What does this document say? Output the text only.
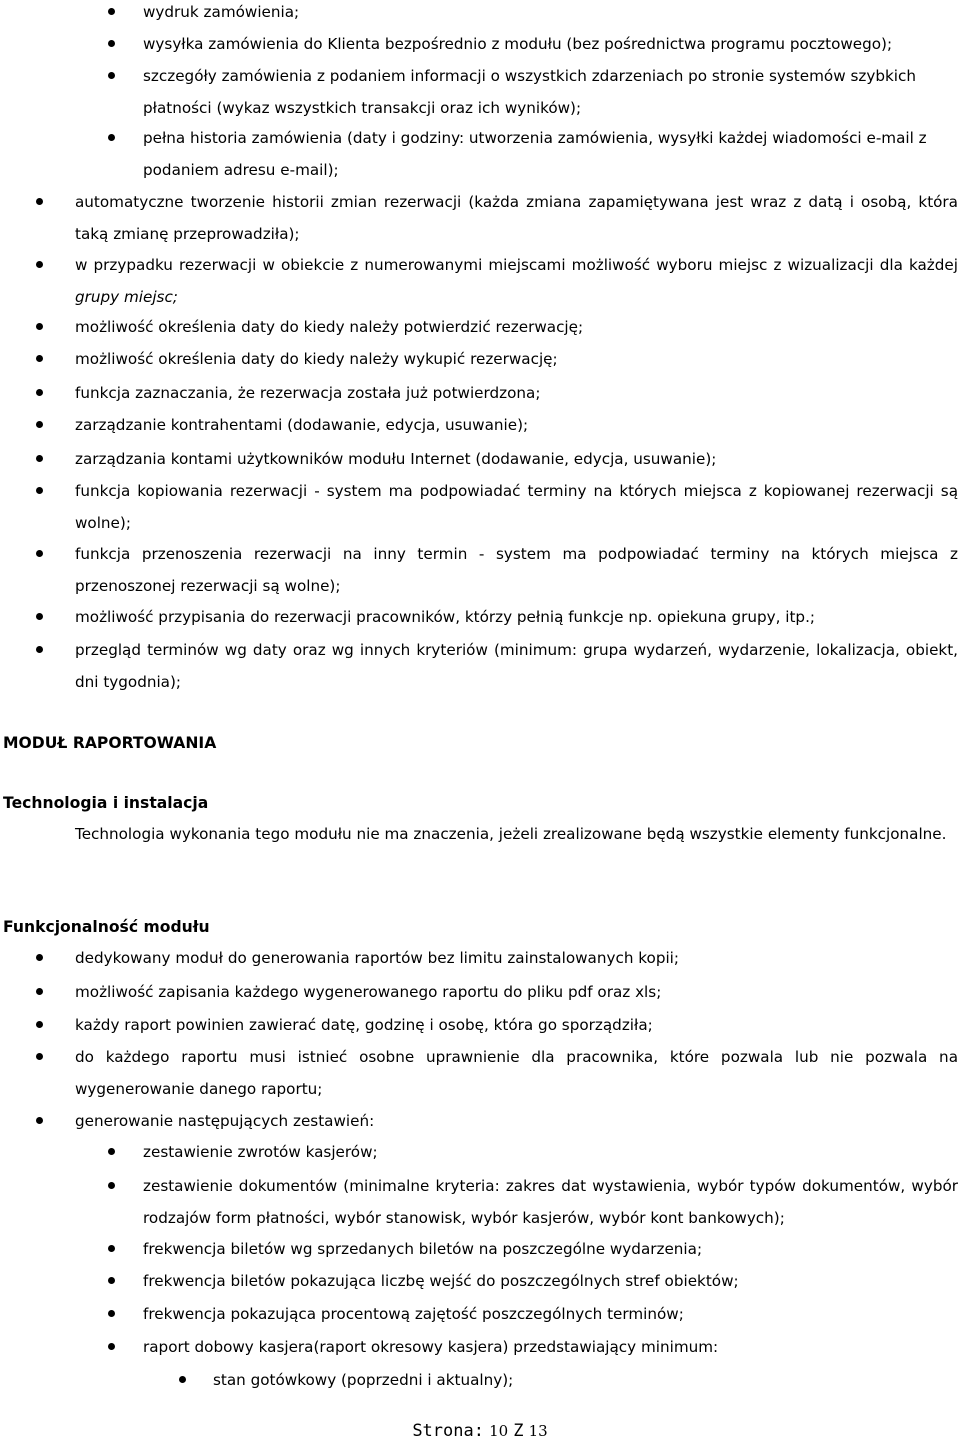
wydruk zamówienia;
wysyłka zamówienia do Klienta bezpośrednio z modułu (bez pośrednictwa programu pocztowego);
szczegóły zamówienia z podaniem informacji o wszystkich zdarzeniach po stronie systemów szybkich płatności (wykaz wszystkich transakcji oraz ich wyników);
pełna historia zamówienia (daty i godziny: utworzenia zamówienia, wysyłki każdej wiadomości e-mail z podaniem adresu e-mail);
automatyczne tworzenie historii zmian rezerwacji (każda zmiana zapamiętywana jest wraz z datą i osobą, która taką zmianę przeprowadziła);
w przypadku rezerwacji w obiekcie z numerowanymi miejscami możliwość wyboru miejsc z wizualizacji dla każdej grupy miejsc;
możliwość określenia daty do kiedy należy potwierdzić rezerwację;
możliwość określenia daty do kiedy należy wykupić rezerwację;
funkcja zaznaczania, że rezerwacja została już potwierdzona;
zarządzanie kontrahentami (dodawanie, edycja, usuwanie);
zarządzania kontami użytkowników modułu Internet (dodawanie, edycja, usuwanie);
funkcja kopiowania rezerwacji - system ma podpowiadać terminy na których miejsca z kopiowanej rezerwacji są wolne);
funkcja przenoszenia rezerwacji na inny termin - system ma podpowiadać terminy na których miejsca z przenoszonej rezerwacji są wolne);
możliwość przypisania do rezerwacji pracowników, którzy pełnią funkcje np. opiekuna grupy, itp.;
przegląd terminów wg daty oraz wg innych kryteriów (minimum: grupa wydarzeń, wydarzenie, lokalizacja, obiekt, dni tygodnia);
MODUŁ RAPORTOWANIA
Technologia i instalacja
Technologia wykonania tego modułu nie ma znaczenia, jeżeli zrealizowane będą wszystkie elementy funkcjonalne.
Funkcjonalność modułu
dedykowany moduł do generowania raportów bez limitu zainstalowanych kopii;
możliwość zapisania każdego wygenerowanego raportu do pliku pdf oraz xls;
każdy raport powinien zawierać datę, godzinę i osobę, która go sporządziła;
do każdego raportu musi istnieć osobne uprawnienie dla pracownika, które pozwala lub nie pozwala na wygenerowanie danego raportu;
generowanie następujących zestawień:
zestawienie zwrotów kasjerów;
zestawienie dokumentów (minimalne kryteria: zakres dat wystawienia, wybór typów dokumentów, wybór rodzajów form płatności, wybór stanowisk, wybór kasjerów, wybór kont bankowych);
frekwencja biletów wg sprzedanych biletów na poszczególne wydarzenia;
frekwencja biletów pokazująca liczbę wejść do poszczególnych stref obiektów;
frekwencja pokazująca procentową zajętość poszczególnych terminów;
raport dobowy kasjera(raport okresowy kasjera) przedstawiający minimum:
stan gotówkowy (poprzedni i aktualny);
Strona: 10 Z 13
